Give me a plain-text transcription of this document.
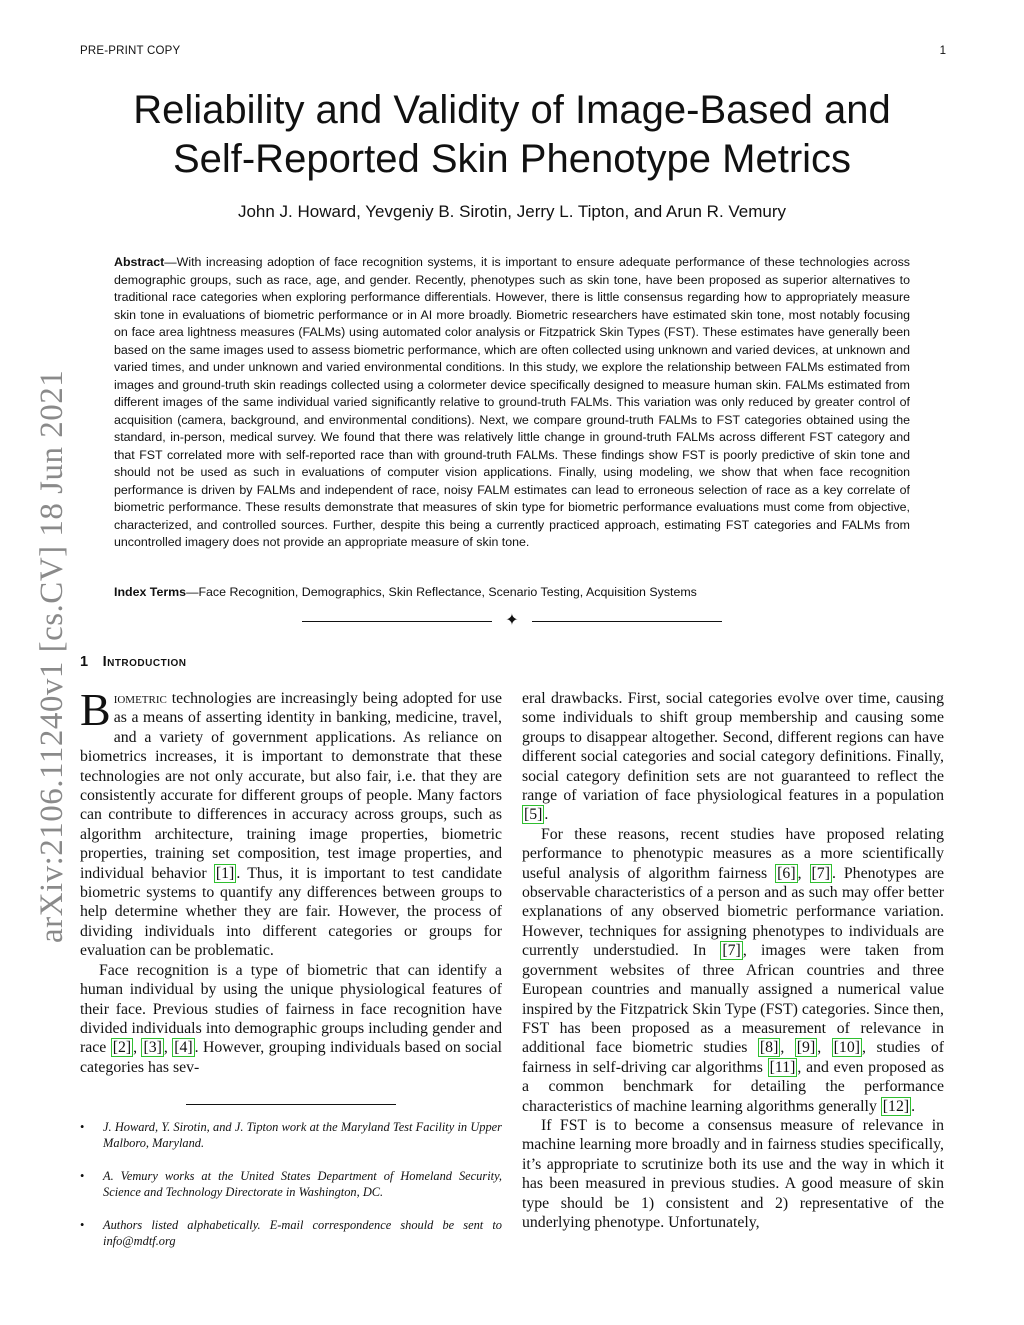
PRE-PRINT COPY	1
arXiv:2106.11240v1 [cs.CV] 18 Jun 2021
Reliability and Validity of Image-Based and
Self-Reported Skin Phenotype Metrics
John J. Howard, Yevgeniy B. Sirotin, Jerry L. Tipton, and Arun R. Vemury

Abstract—With increasing adoption of face recognition systems, it is important to ensure adequate performance of these technologies across demographic groups, such as race, age, and gender. Recently, phenotypes such as skin tone, have been proposed as superior alternatives to traditional race categories when exploring performance differentials. However, there is little consensus regarding how to appropriately measure skin tone in evaluations of biometric performance or in AI more broadly. Biometric researchers have estimated skin tone, most notably focusing on face area lightness measures (FALMs) using automated color analysis or Fitzpatrick Skin Types (FST). These estimates have generally been based on the same images used to assess biometric performance, which are often collected using unknown and varied devices, at unknown and varied times, and under unknown and varied environmental conditions. In this study, we explore the relationship between FALMs estimated from images and ground-truth skin readings collected using a colormeter device specifically designed to measure human skin. FALMs estimated from different images of the same individual varied significantly relative to ground-truth FALMs. This variation was only reduced by greater control of acquisition (camera, background, and environmental conditions). Next, we compare ground-truth FALMs to FST categories obtained using the standard, in-person, medical survey. We found that there was relatively little change in ground-truth FALMs across different FST category and that FST correlated more with self-reported race than with ground-truth FALMs. These findings show FST is poorly predictive of skin tone and should not be used as such in evaluations of computer vision applications. Finally, using modeling, we show that when face recognition performance is driven by FALMs and independent of race, noisy FALM estimates can lead to erroneous selection of race as a key correlate of biometric performance. These results demonstrate that measures of skin type for biometric performance evaluations must come from objective, characterized, and controlled sources. Further, despite this being a currently practiced approach, estimating FST categories and FALMs from uncontrolled imagery does not provide an appropriate measure of skin tone.

Index Terms—Face Recognition, Demographics, Skin Reflectance, Scenario Testing, Acquisition Systems

✦
1 Introduction

Biometric technologies are increasingly being adopted for use as a means of asserting identity in banking, medicine, travel, and a variety of government applications. As reliance on biometrics increases, it is important to demonstrate that these technologies are not only accurate, but also fair, i.e. that they are consistently accurate for different groups of people. Many factors can contribute to differences in accuracy across groups, such as algorithm architecture, training image properties, biometric properties, training set composition, test image properties, and individual behavior [1] . Thus, it is important to test candidate biometric systems to quantify any differences between groups to help determine whether they are fair. However, the process of dividing individuals into different categories or groups for evaluation can be problematic.

Face recognition is a type of biometric that can identify a human individual by using the unique physiological features of their face. Previous studies of fairness in face recognition have divided individuals into demographic groups including gender and race [2] , [3] , [4] . However, grouping individuals based on social categories has sev-

• J. Howard, Y. Sirotin, and J. Tipton work at the Maryland Test Facility in Upper Malboro, Maryland.
• A. Vemury works at the United States Department of Homeland Security, Science and Technology Directorate in Washington, DC.
• Authors listed alphabetically. E-mail correspondence should be sent to info@mdtf.org

eral drawbacks. First, social categories evolve over time, causing some individuals to shift group membership and causing some groups to disappear altogether. Second, different regions can have different social categories and social category definitions. Finally, social category definition sets are not guaranteed to reflect the range of variation of face physiological features in a population [5] .

For these reasons, recent studies have proposed relating performance to phenotypic measures as a more scientifically useful analysis of algorithm fairness [6] , [7] . Phenotypes are observable characteristics of a person and as such may offer better explanations of any observed biometric performance variation. However, techniques for assigning phenotypes to individuals are currently understudied. In [7] , images were taken from government websites of three African countries and three European countries and manually assigned a numerical value inspired by the Fitzpatrick Skin Type (FST) categories. Since then, FST has been proposed as a measurement of relevance in additional face biometric studies [8] , [9] , [10] , studies of fairness in self-driving car algorithms [11] , and even proposed as a common benchmark for detailing the performance characteristics of machine learning algorithms generally [12] .

If FST is to become a consensus measure of relevance in machine learning more broadly and in fairness studies specifically, it’s appropriate to scrutinize both its use and the way in which it has been measured in previous studies. A good measure of skin type should be 1) consistent and 2) representative of the underlying phenotype. Unfortunately,
